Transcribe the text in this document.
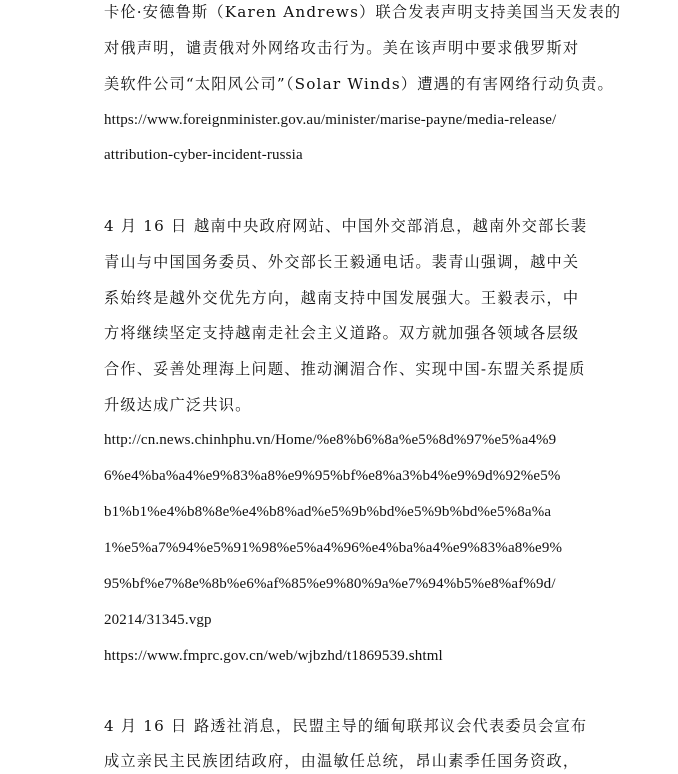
卡伦·安德鲁斯（Karen Andrews）联合发表声明支持美国当天发表的
对俄声明，谴责俄对外网络攻击行为。美在该声明中要求俄罗斯对
美软件公司“太阳风公司”（Solar Winds）遭遇的有害网络行动负责。
https://www.foreignminister.gov.au/minister/marise-payne/media-release/
attribution-cyber-incident-russia
4 月 16 日 越南中央政府网站、中国外交部消息，越南外交部长裴
青山与中国国务委员、外交部长王毅通电话。裴青山强调，越中关
系始终是越外交优先方向，越南支持中国发展强大。王毅表示，中
方将继续坚定支持越南走社会主义道路。双方就加强各领域各层级
合作、妥善处理海上问题、推动澜湄合作、实现中国-东盟关系提质
升级达成广泛共识。
http://cn.news.chinhphu.vn/Home/%e8%b6%8a%e5%8d%97%e5%a4%9
6%e4%ba%a4%e9%83%a8%e9%95%bf%e8%a3%b4%e9%9d%92%e5%
b1%b1%e4%b8%8e%e4%b8%ad%e5%9b%bd%e5%9b%bd%e5%8a%a
1%e5%a7%94%e5%91%98%e5%a4%96%e4%ba%a4%e9%83%a8%e9%
95%bf%e7%8e%8b%e6%af%85%e9%80%9a%e7%94%b5%e8%af%9d/
20214/31345.vgp
https://www.fmprc.gov.cn/web/wjbzhd/t1869539.shtml
4 月 16 日 路透社消息，民盟主导的缅甸联邦议会代表委员会宣布
成立亲民主民族团结政府，由温敏任总统，昂山素季任国务资政，
